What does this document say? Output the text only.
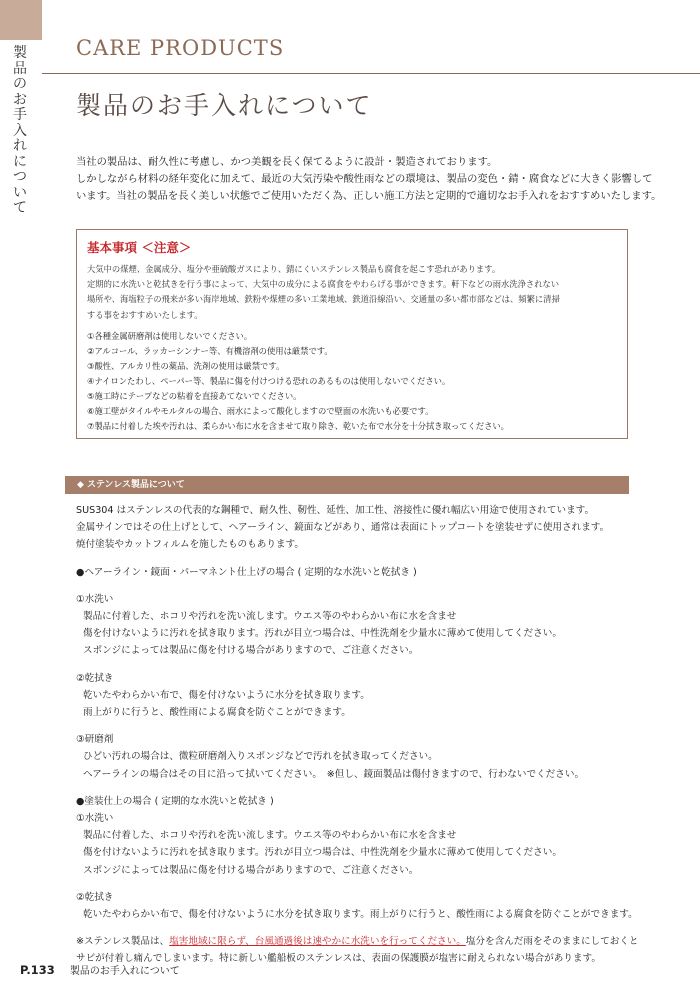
製品のお手入れについて
CARE PRODUCTS
製品のお手入れについて

当社の製品は、耐久性に考慮し、かつ美観を長く保てるように設計・製造されております。

しかしながら材料の経年変化に加えて、最近の大気汚染や酸性雨などの環境は、製品の変色・錆・腐食などに大きく影響して

います。当社の製品を長く美しい状態でご使用いただく為、正しい施工方法と定期的で適切なお手入れをおすすめいたします。

基本事項 ＜注意＞

大気中の煤煙、金属成分、塩分や亜硫酸ガスにより、錆にくいステンレス製品も腐食を起こす恐れがあります。

定期的に水洗いと乾拭きを行う事によって、大気中の成分による腐食をやわらげる事ができます。軒下などの雨水洗浄されない

場所や、海塩粒子の飛来が多い海岸地域、鉄粉や煤煙の多い工業地域、鉄道沿線沿い、交通量の多い都市部などは、頻繁に清掃

する事をおすすめいたします。

①各種金属研磨剤は使用しないでください。

②アルコール、ラッカーシンナー等、有機溶剤の使用は厳禁です。

③酸性、アルカリ性の薬品、洗剤の使用は厳禁です。

④ナイロンたわし、ペーパー等、製品に傷を付けつける恐れのあるものは使用しないでください。

⑤施工時にテープなどの粘着を直接あてないでください。

⑥施工壁がタイルやモルタルの場合、雨水によって酸化しますので壁面の水洗いも必要です。

⑦製品に付着した埃や汚れは、柔らかい布に水を含ませて取り除き、乾いた布で水分を十分拭き取ってください。

◆ ステンレス製品について

SUS304 はステンレスの代表的な鋼種で、耐久性、靭性、延性、加工性、溶接性に優れ幅広い用途で使用されています。

金属サインではその仕上げとして、ヘアーライン、鏡面などがあり、通常は表面にトップコートを塗装せずに使用されます。

焼付塗装やカットフィルムを施したものもあります。

●ヘアーライン・鏡面・パーマネント仕上げの場合 ( 定期的な水洗いと乾拭き )

①水洗い

製品に付着した、ホコリや汚れを洗い流します。ウエス等のやわらかい布に水を含ませ

傷を付けないように汚れを拭き取ります。汚れが目立つ場合は、中性洗剤を少量水に薄めて使用してください。

スポンジによっては製品に傷を付ける場合がありますので、ご注意ください。

②乾拭き

乾いたやわらかい布で、傷を付けないように水分を拭き取ります。

雨上がりに行うと、酸性雨による腐食を防ぐことができます。

③研磨剤

ひどい汚れの場合は、微粒研磨剤入りスポンジなどで汚れを拭き取ってください。

ヘアーラインの場合はその目に沿って拭いてください。　※但し、鏡面製品は傷付きますので、行わないでください。

●塗装仕上の場合 ( 定期的な水洗いと乾拭き )

①水洗い

製品に付着した、ホコリや汚れを洗い流します。ウエス等のやわらかい布に水を含ませ

傷を付けないように汚れを拭き取ります。汚れが目立つ場合は、中性洗剤を少量水に薄めて使用してください。

スポンジによっては製品に傷を付ける場合がありますので、ご注意ください。

②乾拭き

乾いたやわらかい布で、傷を付けないように水分を拭き取ります。雨上がりに行うと、酸性雨による腐食を防ぐことができます。

※ステンレス製品は、塩害地域に限らず、台風通過後は速やかに水洗いを行ってください。塩分を含んだ雨をそのままにしておくと

サビが付着し痛んでしまいます。特に新しい艦船板のステンレスは、表面の保護膜が塩害に耐えられない場合があります。

P.133 製品のお手入れについて
